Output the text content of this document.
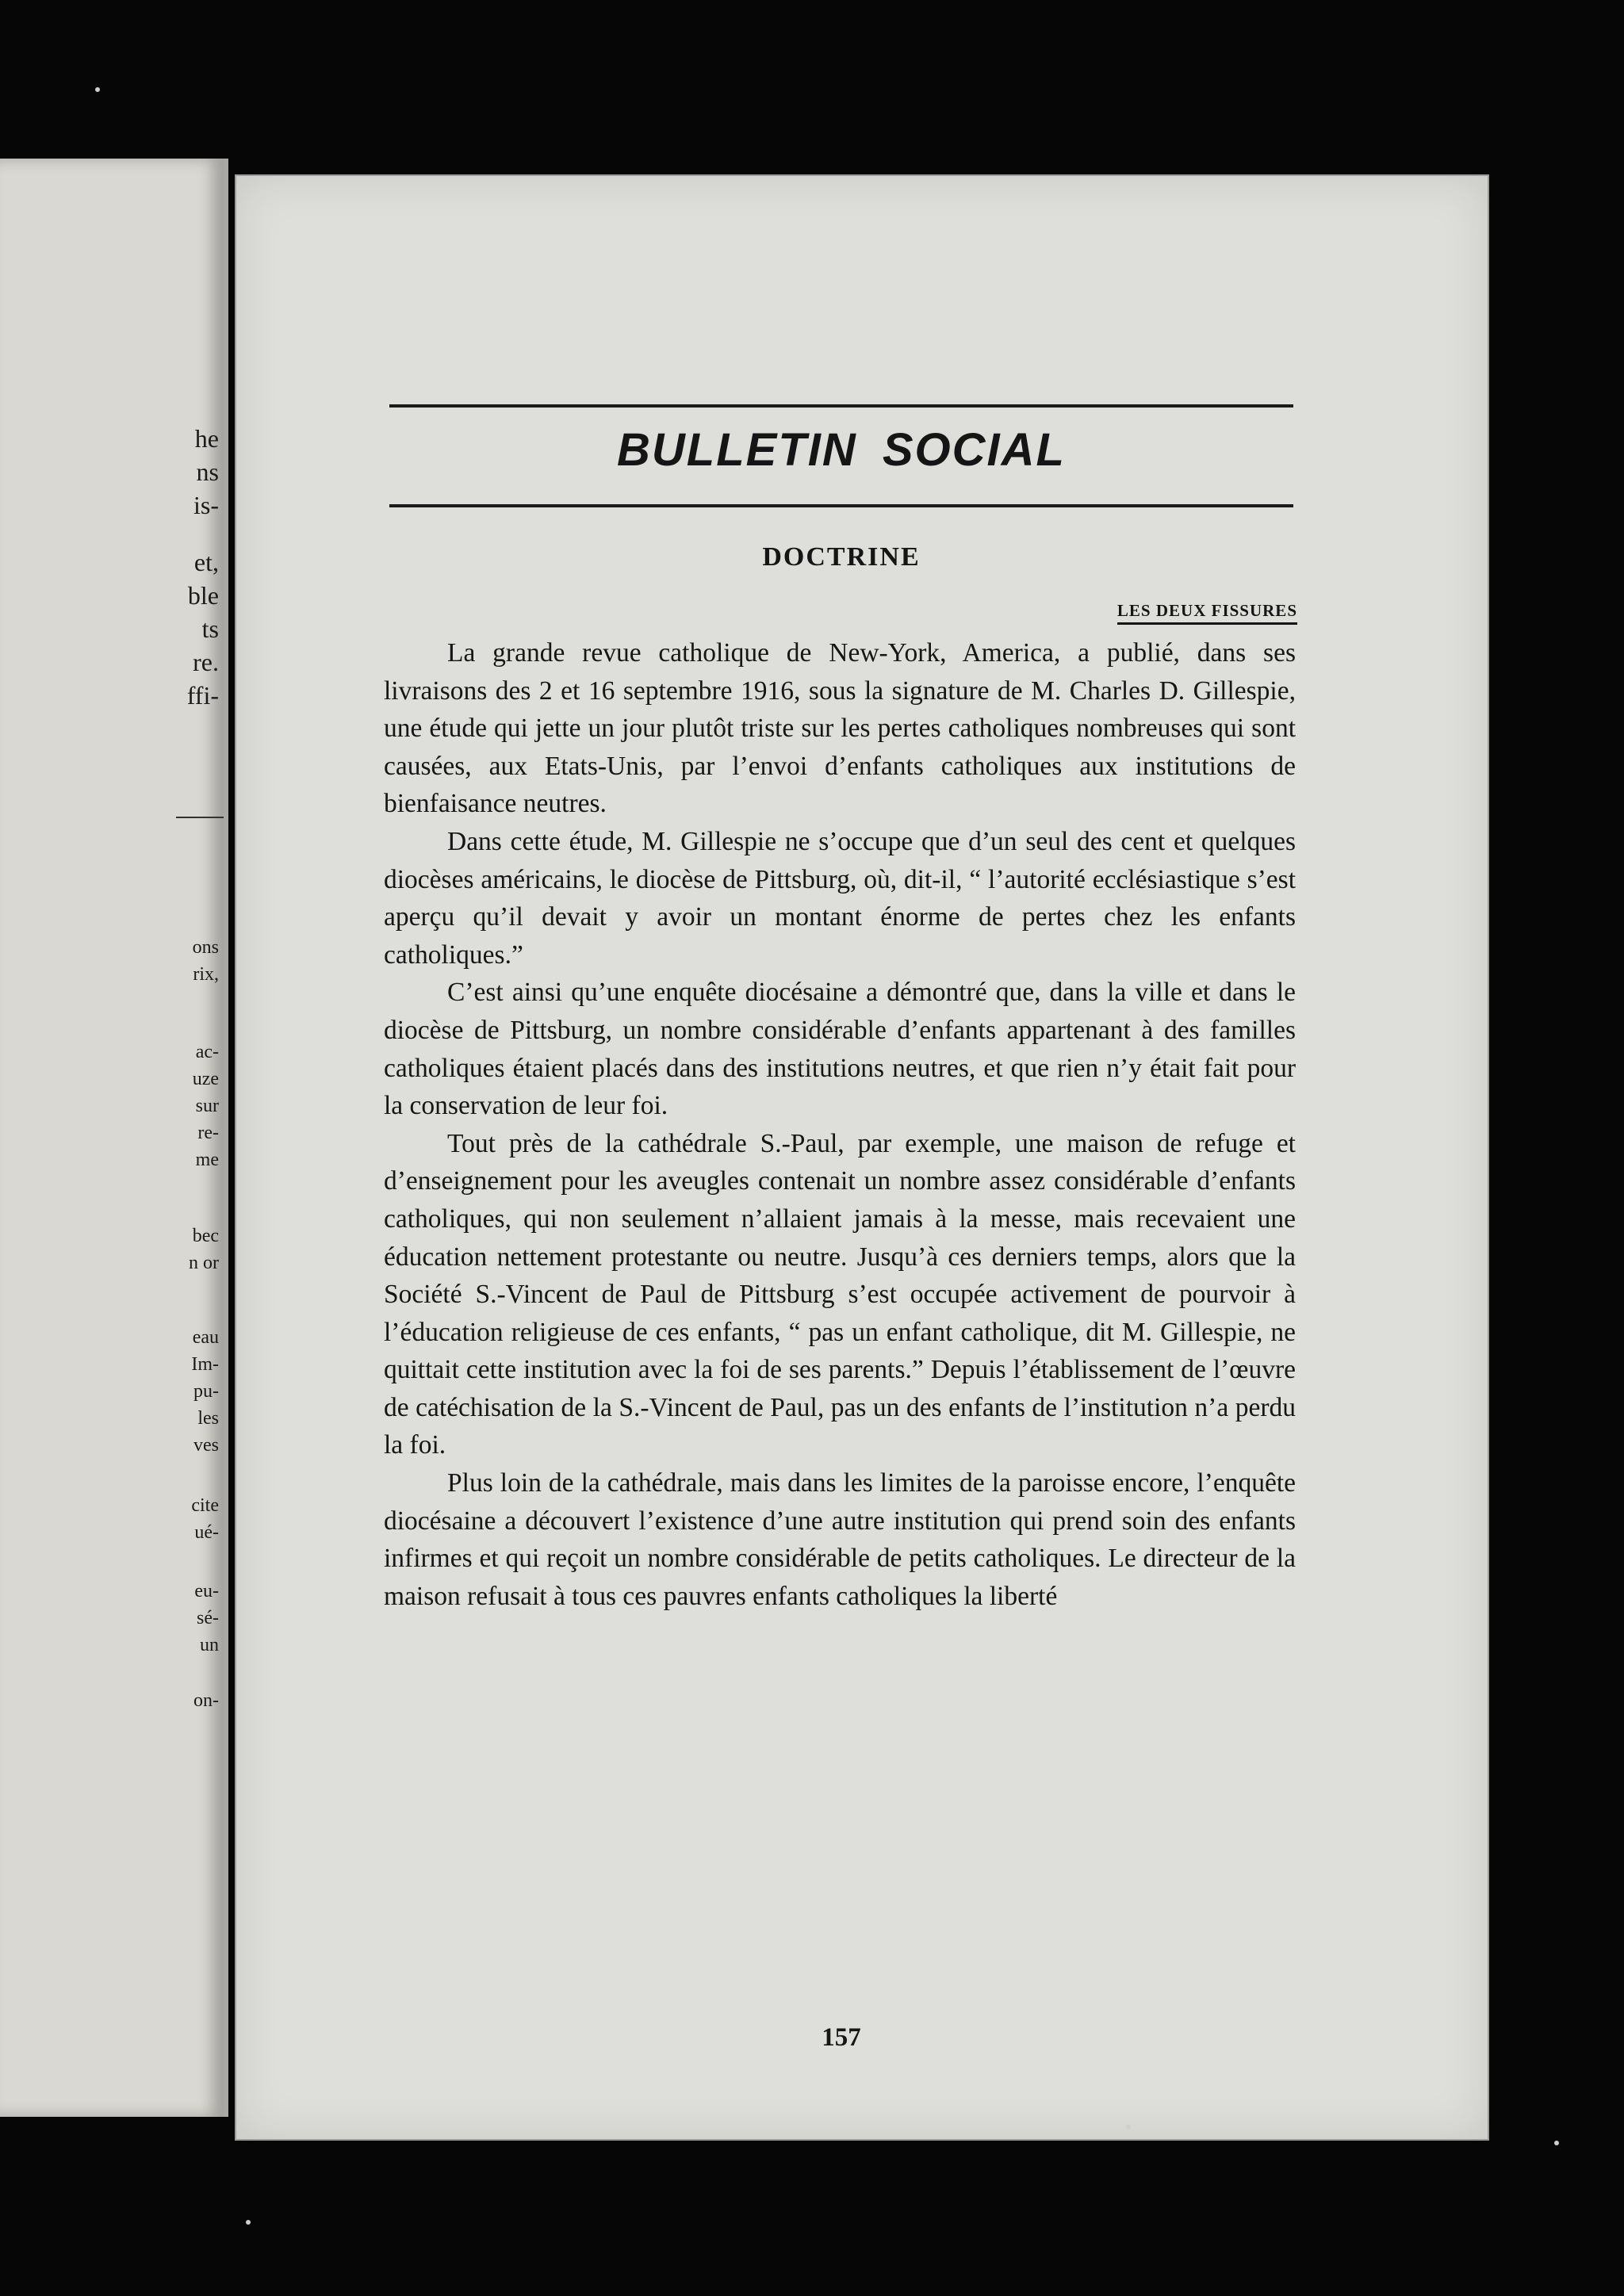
he
ns
is-
et,
ble
ts
re.
ffi-
ons
rix,
ac-
uze
sur
re-
me
bec
n or
eau
Im-
pu-
les
ves
cite
ué-
eu-
sé-
un
on-
BULLETIN SOCIAL
DOCTRINE
LES DEUX FISSURES

La grande revue catholique de New-York, America, a publié, dans ses livraisons des 2 et 16 septembre 1916, sous la signature de M. Charles D. Gillespie, une étude qui jette un jour plutôt triste sur les pertes catholiques nombreuses qui sont causées, aux Etats-Unis, par l’envoi d’enfants catholiques aux institutions de bienfaisance neutres.

Dans cette étude, M. Gillespie ne s’occupe que d’un seul des cent et quelques diocèses américains, le diocèse de Pittsburg, où, dit-il, “ l’autorité ecclésiastique s’est aperçu qu’il devait y avoir un montant énorme de pertes chez les enfants catholiques.”

C’est ainsi qu’une enquête diocésaine a démontré que, dans la ville et dans le diocèse de Pittsburg, un nombre considérable d’enfants appartenant à des familles catholiques étaient placés dans des institutions neutres, et que rien n’y était fait pour la conservation de leur foi.

Tout près de la cathédrale S.-Paul, par exemple, une maison de refuge et d’enseignement pour les aveugles contenait un nombre assez considérable d’enfants catholiques, qui non seulement n’allaient jamais à la messe, mais recevaient une éducation nettement protestante ou neutre. Jusqu’à ces derniers temps, alors que la Société S.-Vincent de Paul de Pittsburg s’est occupée activement de pourvoir à l’éducation religieuse de ces enfants, “ pas un enfant catholique, dit M. Gillespie, ne quittait cette institution avec la foi de ses parents.” Depuis l’établissement de l’œuvre de catéchisation de la S.-Vincent de Paul, pas un des enfants de l’institution n’a perdu la foi.

Plus loin de la cathédrale, mais dans les limites de la paroisse encore, l’enquête diocésaine a découvert l’existence d’une autre institution qui prend soin des enfants infirmes et qui reçoit un nombre considérable de petits catholiques. Le directeur de la maison refusait à tous ces pauvres enfants catholiques la liberté

157
